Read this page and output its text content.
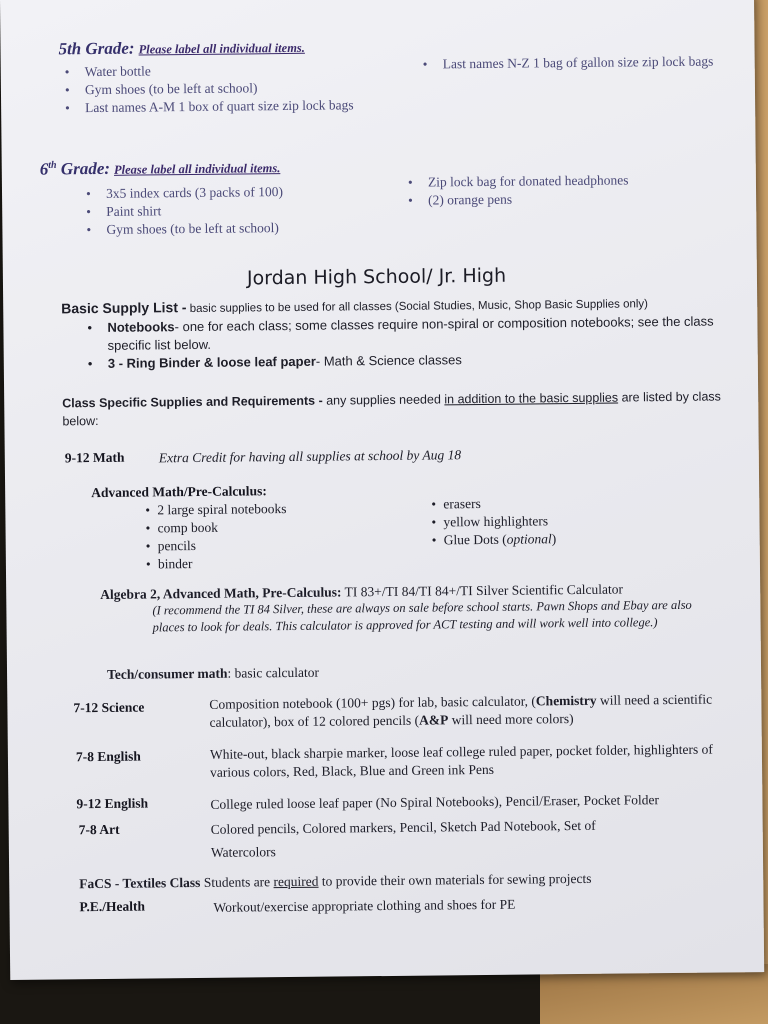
5th Grade: Please label all individual items.
• Water bottle
• Gym shoes (to be left at school)
• Last names A-M 1 box of quart size zip lock bags
• Last names N-Z 1 bag of gallon size zip lock bags
6th Grade: Please label all individual items.
• 3x5 index cards (3 packs of 100)
• Paint shirt
• Gym shoes (to be left at school)
• Zip lock bag for donated headphones
• (2) orange pens
Jordan High School/ Jr. High
Basic Supply List - basic supplies to be used for all classes (Social Studies, Music, Shop Basic Supplies only)
• Notebooks- one for each class; some classes require non-spiral or composition notebooks; see the class specific list below.
• 3 - Ring Binder & loose leaf paper- Math & Science classes
Class Specific Supplies and Requirements - any supplies needed in addition to the basic supplies are listed by class below:
9-12 Math	Extra Credit for having all supplies at school by Aug 18
Advanced Math/Pre-Calculus:
• 2 large spiral notebooks
• comp book
• pencils
• binder
• erasers
• yellow highlighters
• Glue Dots (optional)
Algebra 2, Advanced Math, Pre-Calculus: TI 83+/TI 84/TI 84+/TI Silver Scientific Calculator
(I recommend the TI 84 Silver, these are always on sale before school starts. Pawn Shops and Ebay are also places to look for deals. This calculator is approved for ACT testing and will work well into college.)
Tech/consumer math: basic calculator
7-12 Science	Composition notebook (100+ pgs) for lab, basic calculator, (Chemistry will need a scientific calculator), box of 12 colored pencils (A&P will need more colors)
7-8 English	White-out, black sharpie marker, loose leaf college ruled paper, pocket folder, highlighters of various colors, Red, Black, Blue and Green ink Pens
9-12 English	College ruled loose leaf paper (No Spiral Notebooks), Pencil/Eraser, Pocket Folder
7-8 Art	Colored pencils, Colored markers, Pencil, Sketch Pad Notebook, Set of
Watercolors
FaCS - Textiles Class Students are required to provide their own materials for sewing projects
P.E./Health	Workout/exercise appropriate clothing and shoes for PE
